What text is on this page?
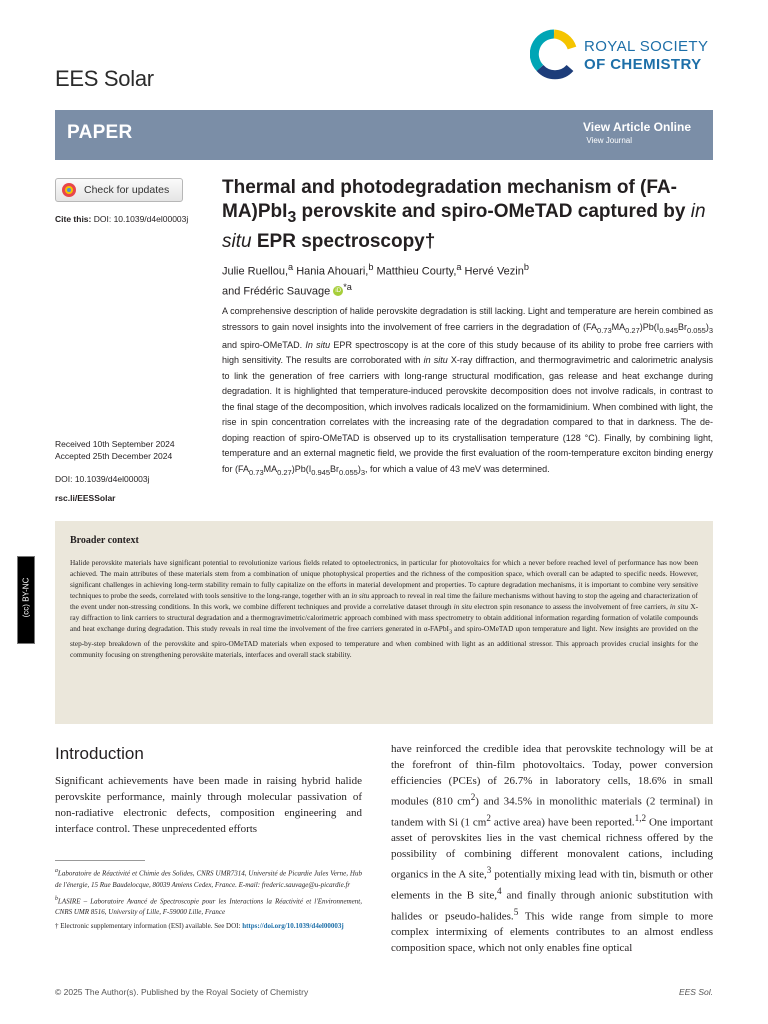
EES Solar
ROYAL SOCIETY
OF CHEMISTRY
PAPER	View Article Online
View Journal
Check for updates
Cite this: DOI: 10.1039/d4el00003j
Received 10th September 2024
Accepted 25th December 2024
DOI: 10.1039/d4el00003j
rsc.li/EESSolar
(cc) BY-NC
Thermal and photodegradation mechanism of (FA-MA)PbI$_3$ perovskite and spiro-OMeTAD captured by in situ EPR spectroscopy†
Julie Ruellou,$^a$ Hania Ahouari,$^b$ Matthieu Courty,$^a$ Hervé Vezin$^b$
and Frédéric Sauvage iD $^{*a}$
A comprehensive description of halide perovskite degradation is still lacking. Light and temperature are herein combined as stressors to gain novel insights into the involvement of free carriers in the degradation of $(FA_{0.73}MA_{0.27})Pb(I_{0.945}Br_{0.055})_3$ and spiro-OMeTAD. In situ EPR spectroscopy is at the core of this study because of its ability to probe free carriers with high sensitivity. The results are corroborated with in situ X-ray diffraction, and thermogravimetric and calorimetric analysis to link the generation of free carriers with long-range structural modification, gas release and heat exchange during degradation. It is highlighted that temperature-induced perovskite decomposition does not involve radicals, in contrast to the final stage of the decomposition, which involves radicals localized on the formamidinium. When combined with light, the rise in spin concentration correlates with the increasing rate of the degradation compared to that in darkness. The de-doping reaction of spiro-OMeTAD is observed up to its crystallisation temperature (128 °C). Finally, by combining light, temperature and an external magnetic field, we provide the first evaluation of the room-temperature exciton binding energy for $(FA_{0.73}MA_{0.27})Pb(I_{0.945}Br_{0.055})_3$, for which a value of 43 meV was determined.
Broader context
Halide perovskite materials have significant potential to revolutionize various fields related to optoelectronics, in particular for photovoltaics for which a never before reached level of performance has now been achieved. The main attributes of these materials stem from a combination of unique photophysical properties and the richness of the composition space, which overall can be adapted to specific needs. However, significant challenges in achieving long-term stability remain to fully capitalize on the efforts in material development and properties. To capture degradation mechanisms, it is important to combine very sensitive techniques to probe the seeds, correlated with tools sensitive to the long-range, together with an in situ approach to reveal in real time the failure mechanisms without having to stop the ageing and characterization of the event under non-stressing conditions. In this work, we combine different techniques and provide a correlative dataset through in situ electron spin resonance to assess the involvement of free carriers, in situ X-ray diffraction to link carriers to structural degradation and a thermogravimetric/calorimetric approach combined with mass spectrometry to obtain additional information regarding formation of volatile compounds and heat exchange during degradation. This study reveals in real time the involvement of the free carriers generated in α-FAPbI$_3$ and spiro-OMeTAD upon temperature and light. New insights are provided on the step-by-step breakdown of the perovskite and spiro-OMeTAD materials when exposed to temperature and when combined with light as an additional stressor. This approach provides crucial insights for the community focusing on strengthening perovskite materials, interfaces and overall stack stability.
Introduction
Significant achievements have been made in raising hybrid halide perovskite performance, mainly through molecular passivation of non-radiative electronic defects, composition engineering and interface control. These unprecedented efforts
have reinforced the credible idea that perovskite technology will be at the forefront of thin-film photovoltaics. Today, power conversion efficiencies (PCEs) of 26.7% in laboratory cells, 18.6% in small modules (810 $cm^2$) and 34.5% in monolithic materials (2 terminal) in tandem with Si (1 $cm^2$ active area) have been reported.$^{1,2}$ One important asset of perovskites lies in the vast chemical richness offered by the possibility of combining different monovalent cations, including organics in the A site,$^3$ potentially mixing lead with tin, bismuth or other elements in the B site,$^4$ and finally through anionic substitution with halides or pseudo-halides.$^5$ This wide range from simple to more complex intermixing of elements contributes to an almost endless composition space, which not only enables fine optical
$^a$Laboratoire de Réactivité et Chimie des Solides, CNRS UMR7314, Université de Picardie Jules Verne, Hub de l'énergie, 15 Rue Baudelocque, 80039 Amiens Cedex, France. E-mail: frederic.sauvage@u-picardie.fr
$^b$LASIRE – Laboratoire Avancé de Spectroscopie pour les Interactions la Réactivité et l'Environnement, CNRS UMR 8516, University of Lille, F-59000 Lille, France
† Electronic supplementary information (ESI) available. See DOI: https://doi.org/10.1039/d4el00003j
© 2025 The Author(s). Published by the Royal Society of Chemistry	EES Sol.
